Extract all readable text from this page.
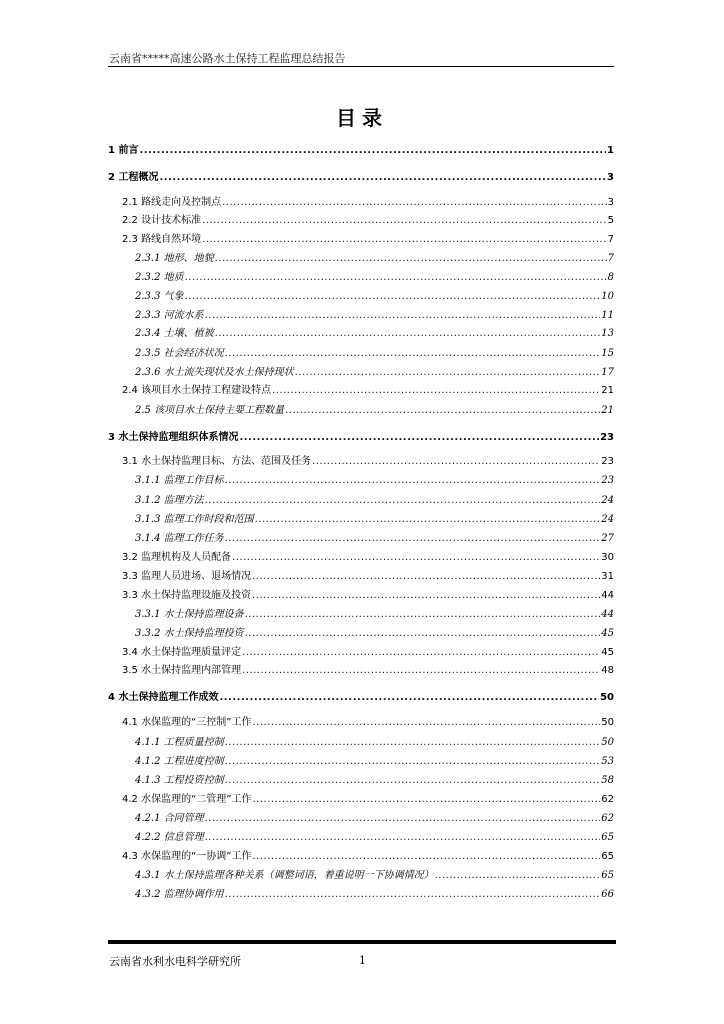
云南省*****高速公路水土保持工程监理总结报告
目录
1 前言 .....	1
2 工程概况 .....	3
2.1 路线走向及控制点 .....	3
2.2 设计技术标准 .....	5
2.3 路线自然环境 .....	7
2.3.1 地形、地貌 .....	7
2.3.2 地质 .....	8
2.3.3 气象 .....	10
2.3.3 河流水系 .....	11
2.3.4 土壤、植被 .....	13
2.3.5 社会经济状况 .....	15
2.3.6 水土流失现状及水土保持现状 .....	17
2.4 该项目水土保持工程建设特点 .....	21
2.5 该项目水土保持主要工程数量 .....	21
3 水土保持监理组织体系情况 .....	23
3.1 水土保持监理目标、方法、范围及任务 .....	23
3.1.1 监理工作目标 .....	23
3.1.2 监理方法 .....	24
3.1.3 监理工作时段和范围 .....	24
3.1.4 监理工作任务 .....	27
3.2 监理机构及人员配备 .....	30
3.3 监理人员进场、退场情况 .....	31
3.3 水土保持监理设施及投资 .....	44
3.3.1 水土保持监理设备 .....	44
3.3.2 水土保持监理投资 .....	45
3.4 水土保持监理质量评定 .....	45
3.5 水土保持监理内部管理 .....	48
4 水土保持监理工作成效 .....	50
4.1 水保监理的“三控制”工作 .....	50
4.1.1 工程质量控制 .....	50
4.1.2 工程进度控制 .....	53
4.1.3 工程投资控制 .....	58
4.2 水保监理的“二管理”工作 .....	62
4.2.1 合同管理 .....	62
4.2.2 信息管理 .....	65
4.3 水保监理的“一协调”工作 .....	65
4.3.1 水土保持监理各种关系（调整词语，着重说明一下协调情况） .....	65
4.3.2 监理协调作用 .....	66
云南省水利水电科学研究所	1
